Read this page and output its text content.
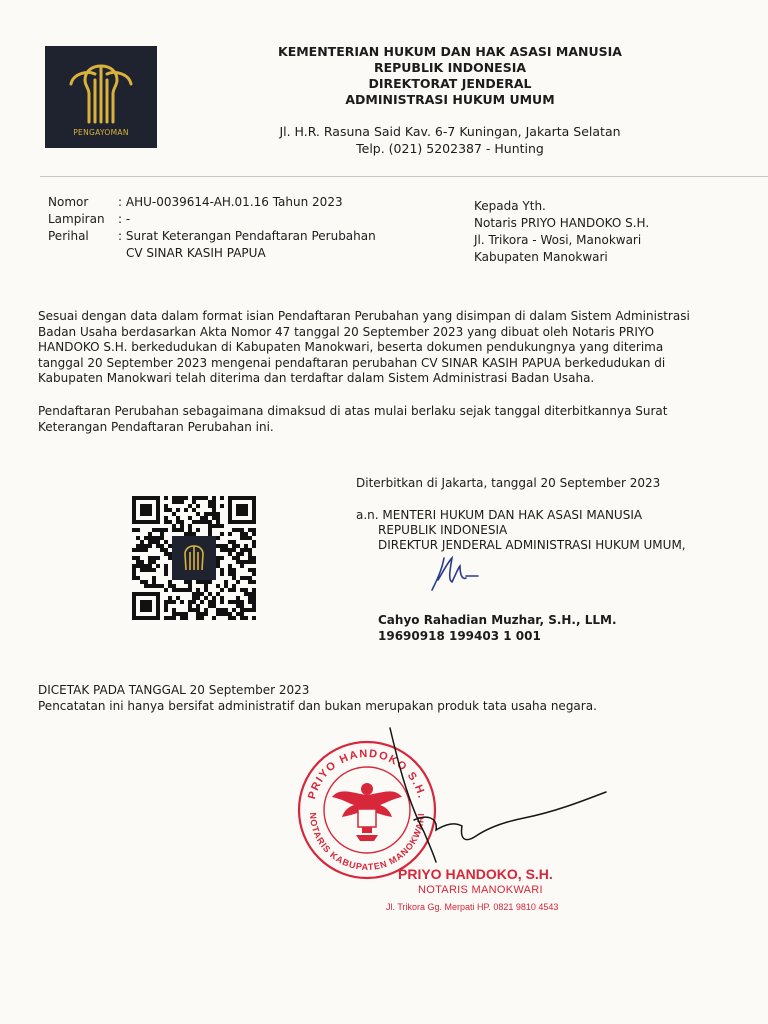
PENGAYOMAN
KEMENTERIAN HUKUM DAN HAK ASASI MANUSIA
REPUBLIK INDONESIA
DIREKTORAT JENDERAL
ADMINISTRASI HUKUM UMUM
Jl. H.R. Rasuna Said Kav. 6-7 Kuningan, Jakarta Selatan
Telp. (021) 5202387 - Hunting
Nomor	: AHU-0039614-AH.01.16 Tahun 2023
Lampiran	: -
Perihal	: Surat Keterangan Pendaftaran Perubahan
CV SINAR KASIH PAPUA
Kepada Yth.
Notaris PRIYO HANDOKO S.H.
Jl. Trikora - Wosi, Manokwari
Kabupaten Manokwari
Sesuai dengan data dalam format isian Pendaftaran Perubahan yang disimpan di dalam Sistem Administrasi
Badan Usaha berdasarkan Akta Nomor 47 tanggal 20 September 2023 yang dibuat oleh Notaris PRIYO
HANDOKO S.H. berkedudukan di Kabupaten Manokwari, beserta dokumen pendukungnya yang diterima
tanggal 20 September 2023 mengenai pendaftaran perubahan CV SINAR KASIH PAPUA berkedudukan di
Kabupaten Manokwari telah diterima dan terdaftar dalam Sistem Administrasi Badan Usaha.
Pendaftaran Perubahan sebagaimana dimaksud di atas mulai berlaku sejak tanggal diterbitkannya Surat
Keterangan Pendaftaran Perubahan ini.
Diterbitkan di Jakarta, tanggal 20 September 2023
a.n. MENTERI HUKUM DAN HAK ASASI MANUSIA
REPUBLIK INDONESIA
DIREKTUR JENDERAL ADMINISTRASI HUKUM UMUM,
Cahyo Rahadian Muzhar, S.H., LLM.
19690918 199403 1 001
DICETAK PADA TANGGAL 20 September 2023
Pencatatan ini hanya bersifat administratif dan bukan merupakan produk tata usaha negara.
PRIYO HANDOKO S.H.
NOTARIS KABUPATEN MANOKWARI
PRIYO HANDOKO, S.H.
NOTARIS MANOKWARI
Jl. Trikora Gg. Merpati HP. 0821 9810 4543
